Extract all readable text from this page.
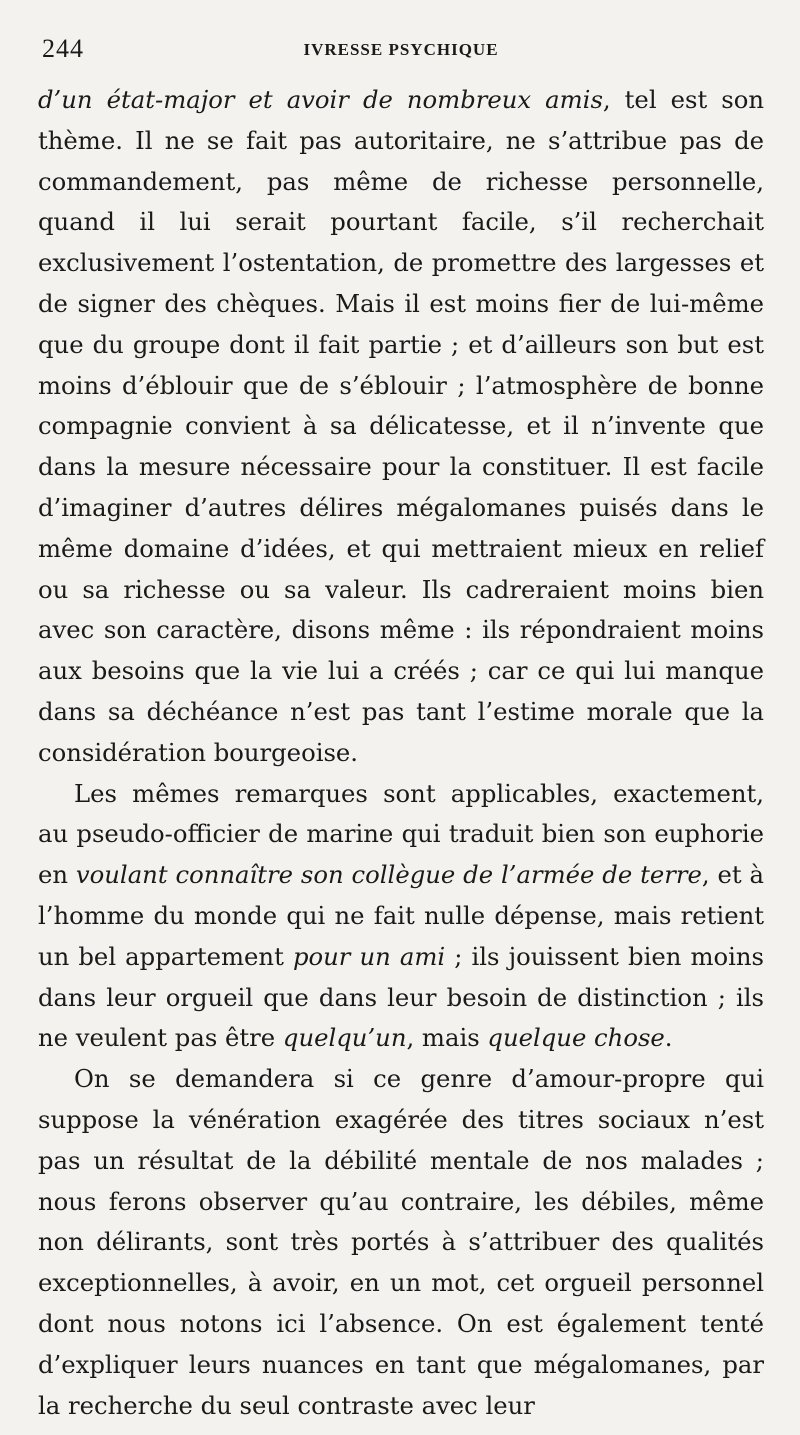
244	IVRESSE PSYCHIQUE

d’un état-major et avoir de nombreux amis, tel est son thème. Il ne se fait pas autoritaire, ne s’attribue pas de commandement, pas même de richesse personnelle, quand il lui serait pourtant facile, s’il recherchait exclusivement l’ostentation, de promettre des largesses et de signer des chèques. Mais il est moins fier de lui-même que du groupe dont il fait partie ; et d’ailleurs son but est moins d’éblouir que de s’éblouir ; l’atmosphère de bonne compagnie convient à sa délicatesse, et il n’invente que dans la mesure nécessaire pour la constituer. Il est facile d’imaginer d’autres délires mégalomanes puisés dans le même domaine d’idées, et qui mettraient mieux en relief ou sa richesse ou sa valeur. Ils cadreraient moins bien avec son caractère, disons même : ils répondraient moins aux besoins que la vie lui a créés ; car ce qui lui manque dans sa déchéance n’est pas tant l’estime morale que la considération bourgeoise.

Les mêmes remarques sont applicables, exactement, au pseudo-officier de marine qui traduit bien son euphorie en voulant connaître son collègue de l’armée de terre, et à l’homme du monde qui ne fait nulle dépense, mais retient un bel appartement pour un ami ; ils jouissent bien moins dans leur orgueil que dans leur besoin de distinction ; ils ne veulent pas être quelqu’un, mais quelque chose.

On se demandera si ce genre d’amour-propre qui suppose la vénération exagérée des titres sociaux n’est pas un résultat de la débilité mentale de nos malades ; nous ferons observer qu’au contraire, les débiles, même non délirants, sont très portés à s’attribuer des qualités exceptionnelles, à avoir, en un mot, cet orgueil personnel dont nous notons ici l’absence. On est également tenté d’expliquer leurs nuances en tant que mégalomanes, par la recherche du seul contraste avec leur
